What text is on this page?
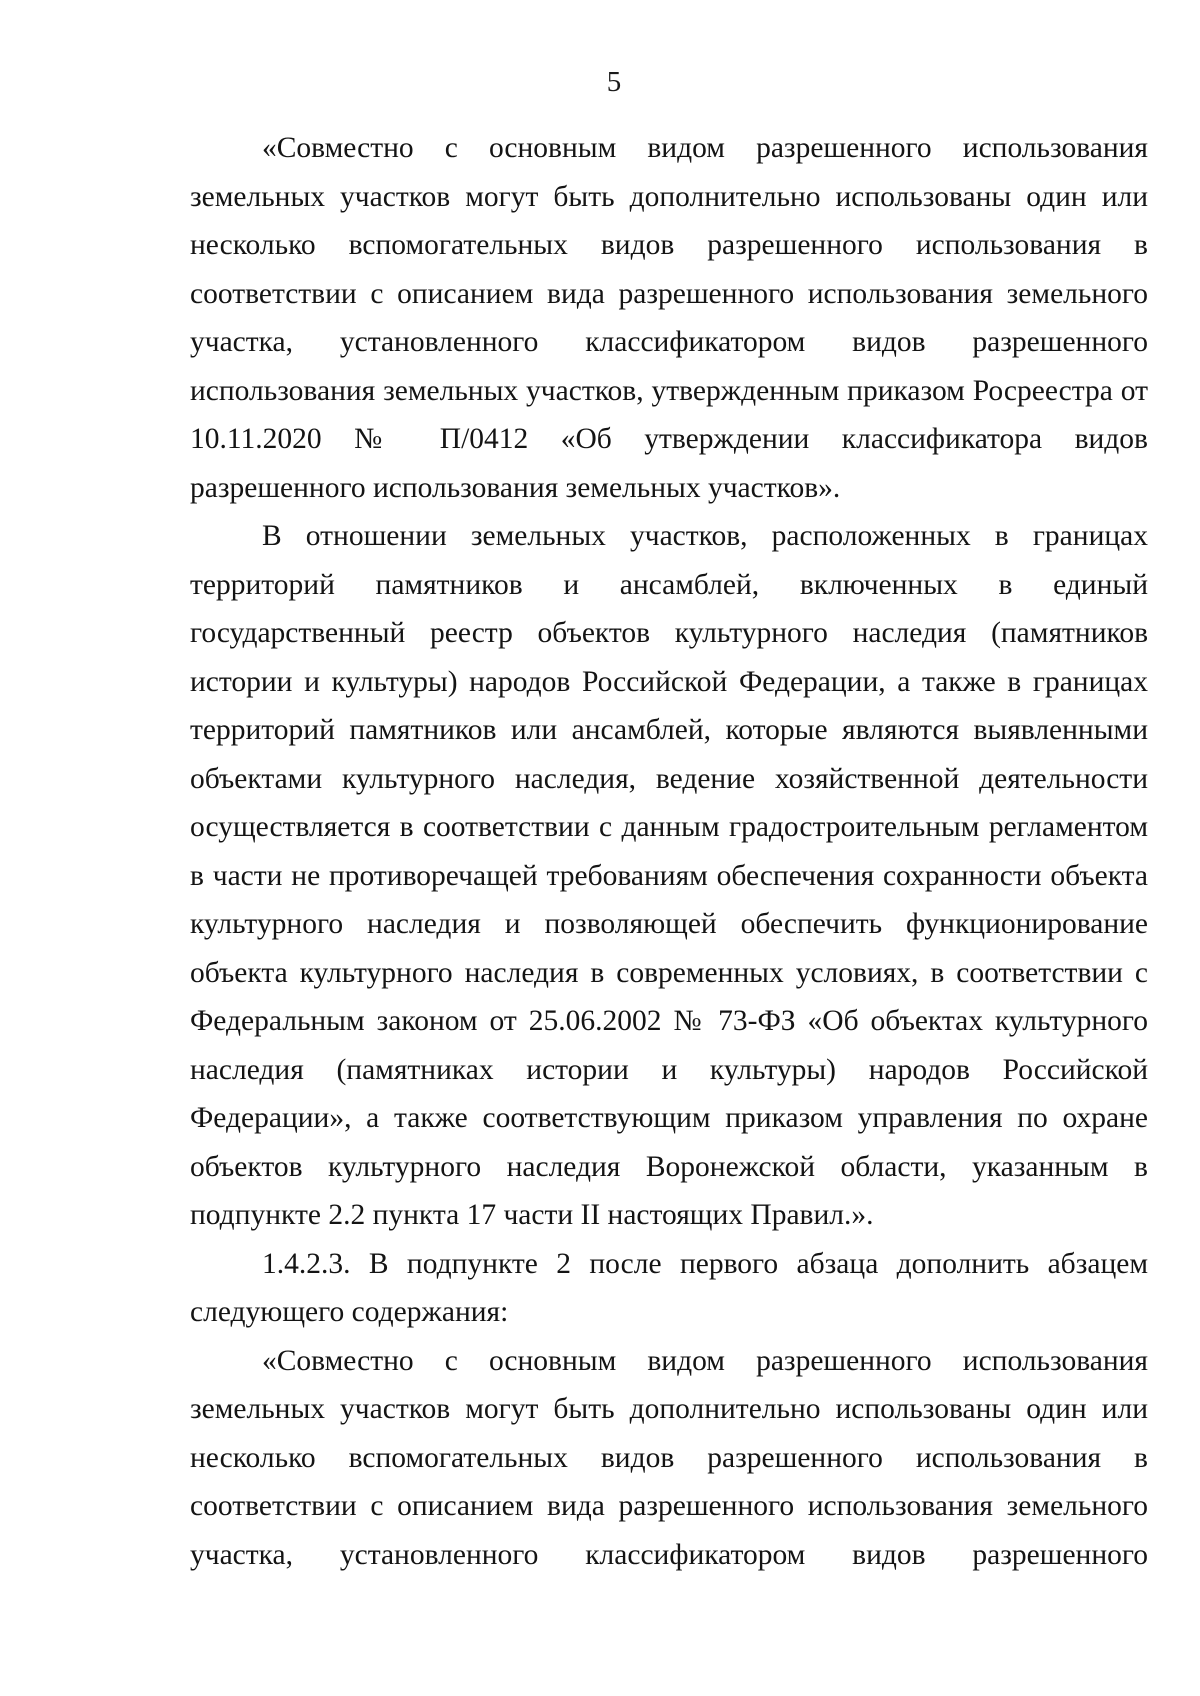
5

«Совместно с основным видом разрешенного использования земельных участков могут быть дополнительно использованы один или несколько вспомогательных видов разрешенного использования в соответствии с описанием вида разрешенного использования земельного участка, установленного классификатором видов разрешенного использования земельных участков, утвержденным приказом Росреестра от 10.11.2020 № П/0412 «Об утверждении классификатора видов разрешенного использования земельных участков».

В отношении земельных участков, расположенных в границах территорий памятников и ансамблей, включенных в единый государственный реестр объектов культурного наследия (памятников истории и культуры) народов Российской Федерации, а также в границах территорий памятников или ансамблей, которые являются выявленными объектами культурного наследия, ведение хозяйственной деятельности осуществляется в соответствии с данным градостроительным регламентом в части не противоречащей требованиям обеспечения сохранности объекта культурного наследия и позволяющей обеспечить функционирование объекта культурного наследия в современных условиях, в соответствии с Федеральным законом от 25.06.2002 № 73-ФЗ «Об объектах культурного наследия (памятниках истории и культуры) народов Российской Федерации», а также соответствующим приказом управления по охране объектов культурного наследия Воронежской области, указанным в подпункте 2.2 пункта 17 части II настоящих Правил.».

1.4.2.3. В подпункте 2 после первого абзаца дополнить абзацем следующего содержания:

«Совместно с основным видом разрешенного использования земельных участков могут быть дополнительно использованы один или несколько вспомогательных видов разрешенного использования в соответствии с описанием вида разрешенного использования земельного участка, установленного классификатором видов разрешенного
